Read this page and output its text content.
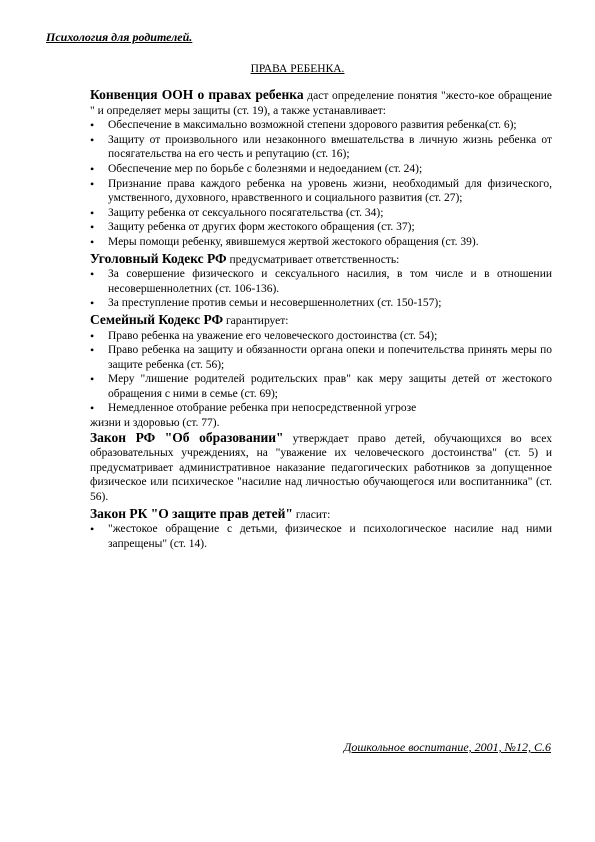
Психология для родителей.
ПРАВА РЕБЕНКА.

Конвенция ООН о правах ребенка даст определение понятия "жесто-кое обращение " и определяет меры защиты (ст. 19), а также устанавливает:

• Обеспечение в максимально возможной степени здорового развития ребенка(ст. 6);
• Защиту от произвольного или незаконного вмешательства в личную жизнь ребенка от посягательства на его честь и репутацию (ст. 16);
• Обеспечение мер по борьбе с болезнями и недоеданием (ст. 24);
• Признание права каждого ребенка на уровень жизни, необходимый для физического, умственного, духовного, нравственного и социального развития (ст. 27);
• Защиту ребенка от сексуального посягательства (ст. 34);
• Защиту ребенка от других форм жестокого обращения (ст. 37);
• Меры помощи ребенку, явившемуся жертвой жестокого обращения (ст. 39).

Уголовный Кодекс РФ предусматривает ответственность:

• За совершение физического и сексуального насилия, в том числе и в отношении несовершеннолетних (ст. 106-136).
• За преступление против семьи и несовершеннолетних (ст. 150-157);

Семейный Кодекс РФ гарантирует:

• Право ребенка на уважение его человеческого достоинства (ст. 54);
• Право ребенка на защиту и обязанности органа опеки и попечительства принять меры по защите ребенка (ст. 56);
• Меру "лишение родителей родительских прав" как меру защиты детей от жестокого обращения с ними в семье (ст. 69);
• Немедленное отобрание ребенка при непосредственной угрозе

жизни и здоровью (ст. 77).

Закон РФ "Об образовании" утверждает право детей, обучающихся во всех образовательных учреждениях, на "уважение их человеческого достоинства" (ст. 5) и предусматривает административное наказание педагогических работников за допущенное физическое или психическое "насилие над личностью обучающегося или воспитанника" (ст. 56).

Закон РК "О защите прав детей" гласит:

• "жестокое обращение с детьми, физическое и психологическое насилие над ними запрещены" (ст. 14).
Дошкольное воспитание, 2001, №12, С.6
